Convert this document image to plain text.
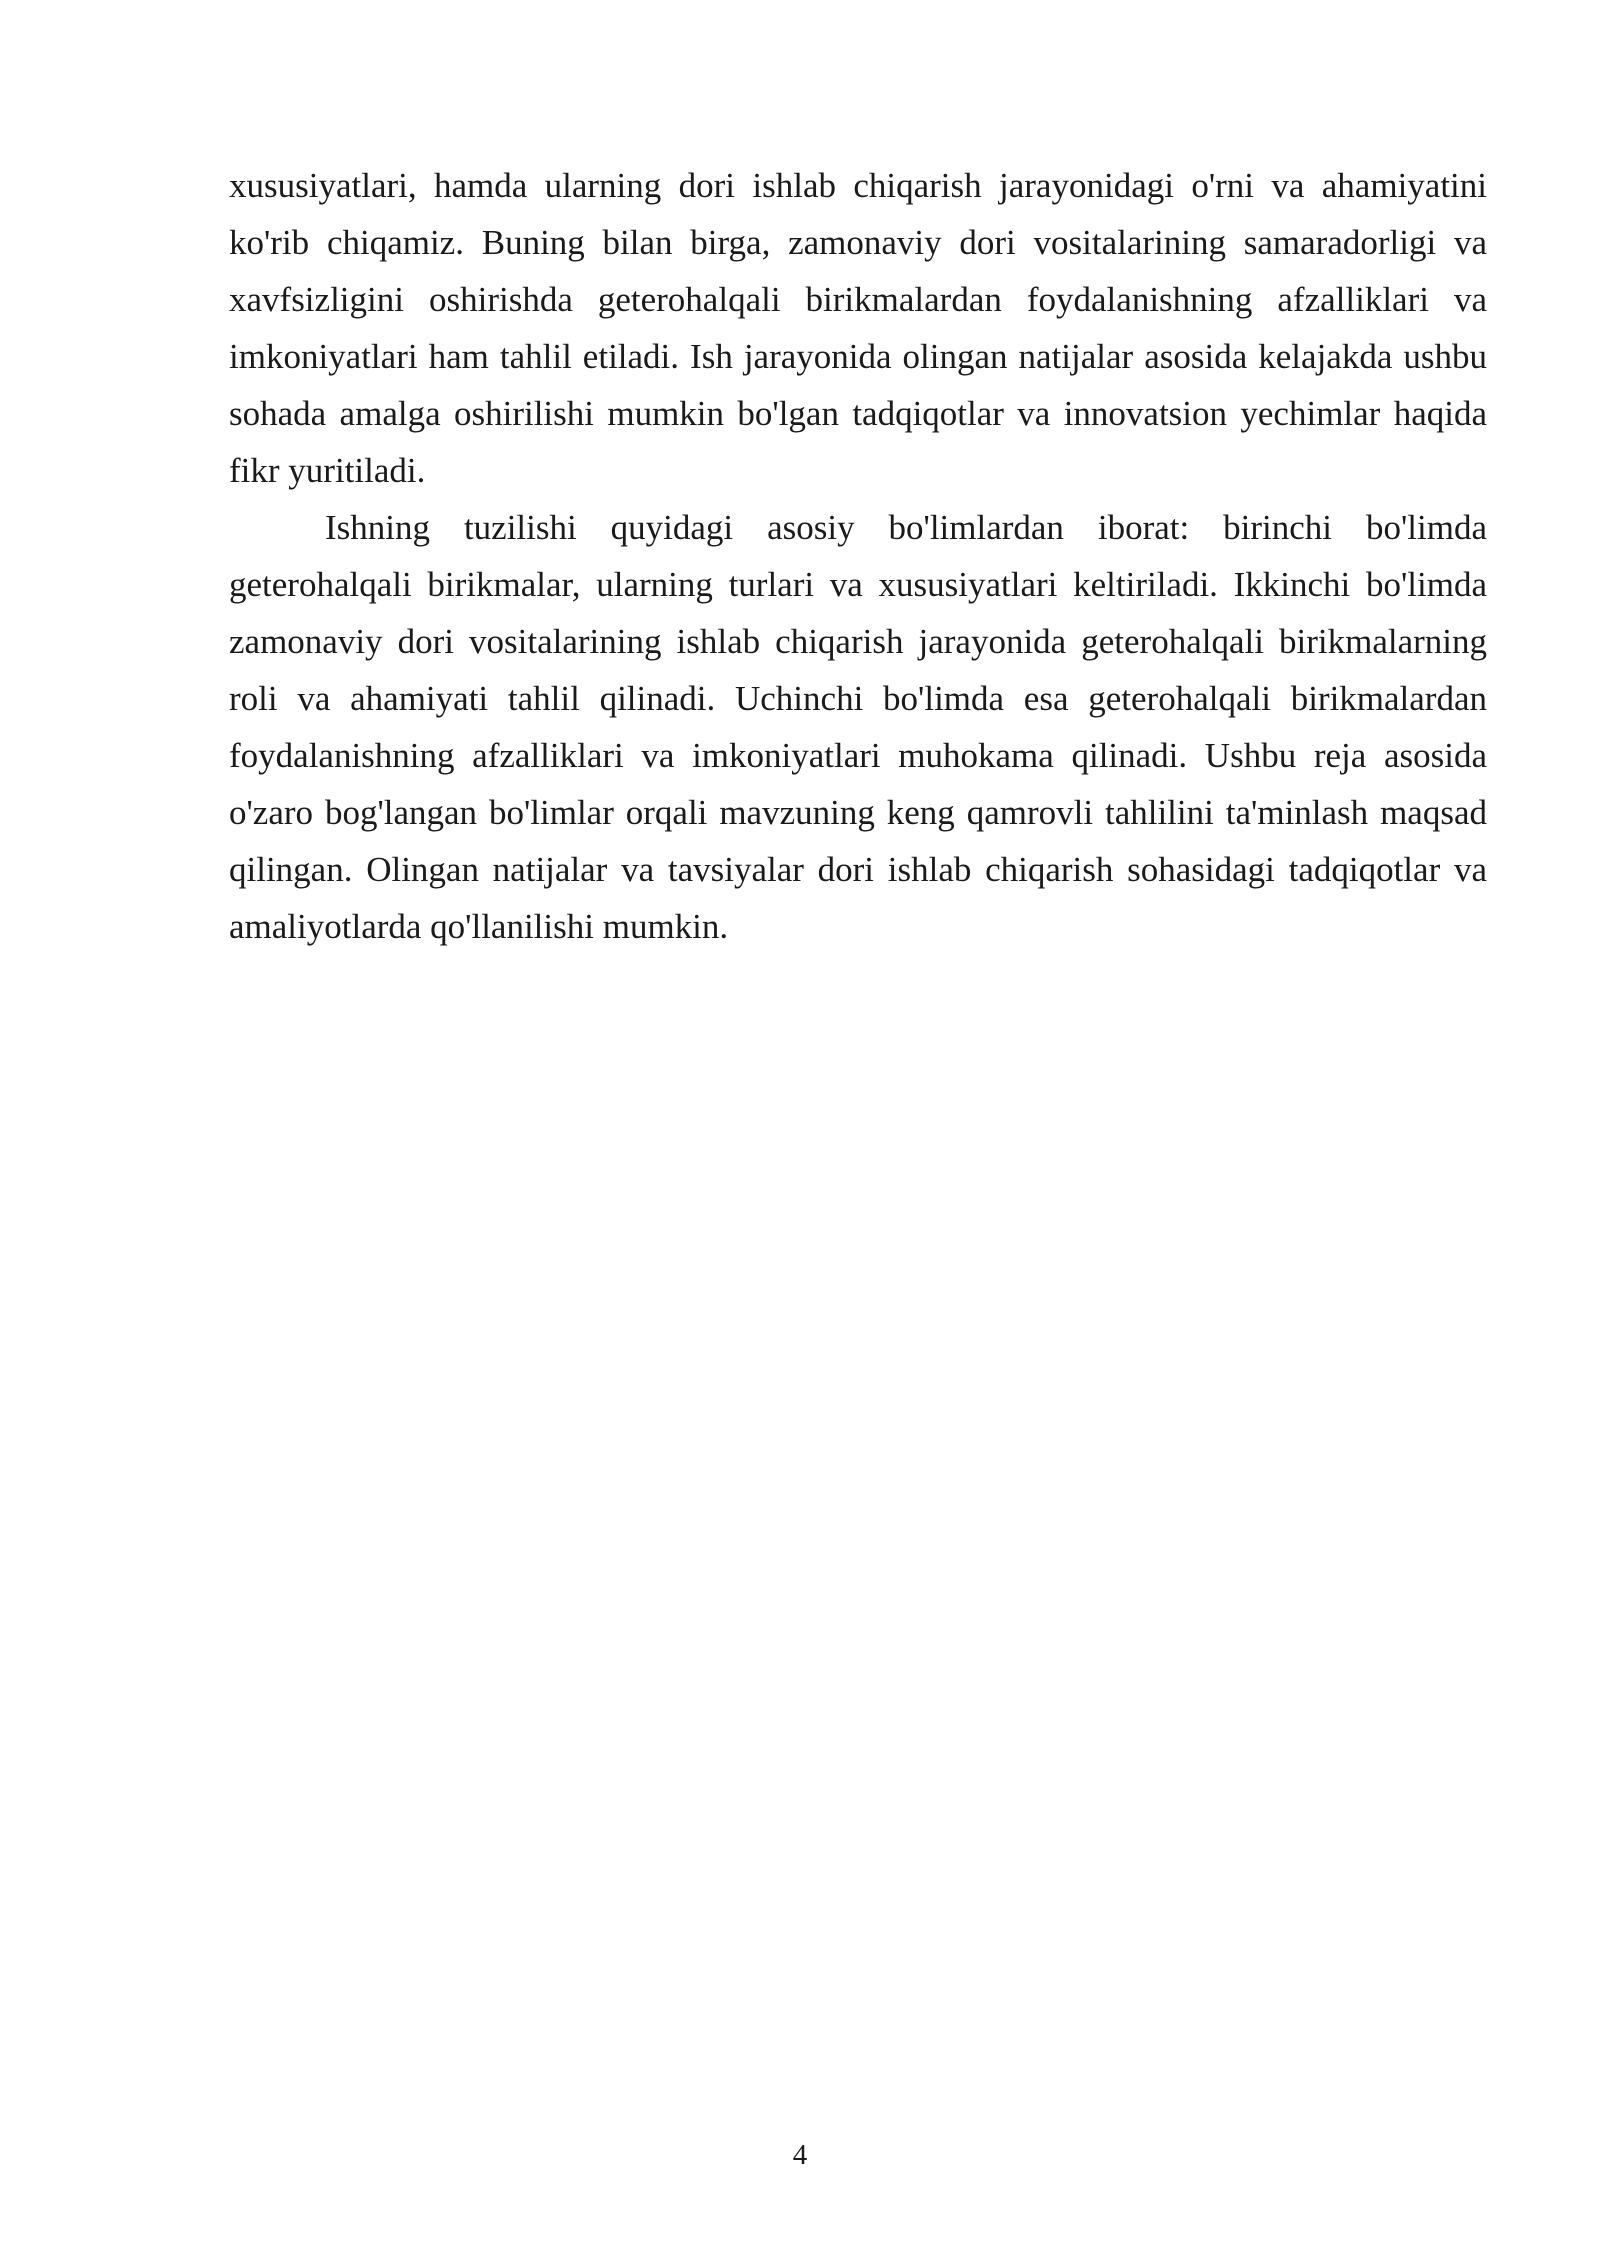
xususiyatlari, hamda ularning dori ishlab chiqarish jarayonidagi o'rni va ahamiyatini ko'rib chiqamiz. Buning bilan birga, zamonaviy dori vositalarining samaradorligi va xavfsizligini oshirishda geterohalqali birikmalardan foydalanishning afzalliklari va imkoniyatlari ham tahlil etiladi. Ish jarayonida olingan natijalar asosida kelajakda ushbu sohada amalga oshirilishi mumkin bo'lgan tadqiqotlar va innovatsion yechimlar haqida fikr yuritiladi.

Ishning tuzilishi quyidagi asosiy bo'limlardan iborat: birinchi bo'limda geterohalqali birikmalar, ularning turlari va xususiyatlari keltiriladi. Ikkinchi bo'limda zamonaviy dori vositalarining ishlab chiqarish jarayonida geterohalqali birikmalarning roli va ahamiyati tahlil qilinadi. Uchinchi bo'limda esa geterohalqali birikmalardan foydalanishning afzalliklari va imkoniyatlari muhokama qilinadi. Ushbu reja asosida o'zaro bog'langan bo'limlar orqali mavzuning keng qamrovli tahlilini ta'minlash maqsad qilingan. Olingan natijalar va tavsiyalar dori ishlab chiqarish sohasidagi tadqiqotlar va amaliyotlarda qo'llanilishi mumkin.

4
